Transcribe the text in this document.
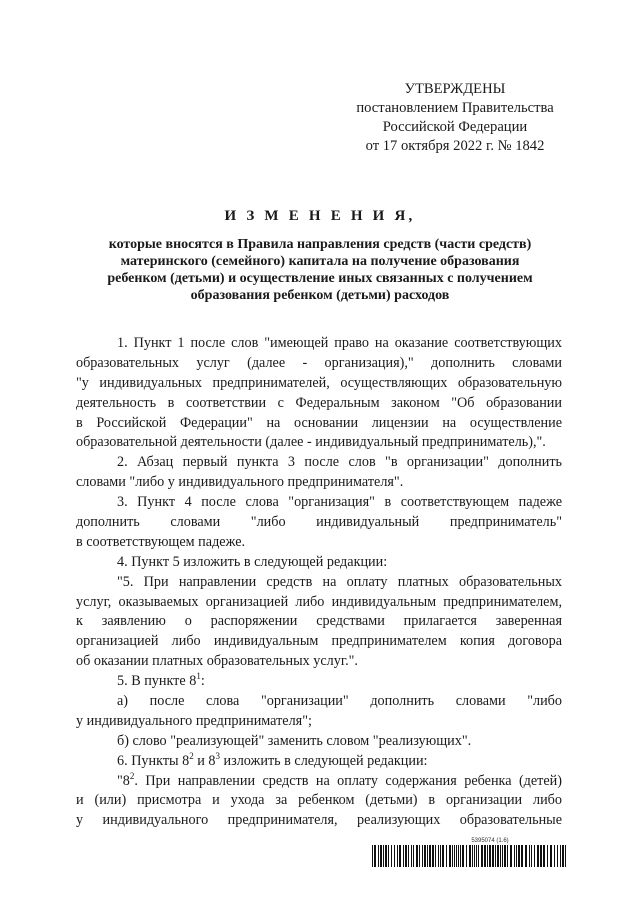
УТВЕРЖДЕНЫ
постановлением Правительства
Российской Федерации
от 17 октября 2022 г. № 1842
И З М Е Н Е Н И Я,
которые вносятся в Правила направления средств (части средств)
материнского (семейного) капитала на получение образования
ребенком (детьми) и осуществление иных связанных с получением
образования ребенком (детьми) расходов
1. Пункт 1 после слов "имеющей право на оказание соответствующих
образовательных услуг (далее - организация)," дополнить словами
"у индивидуальных предпринимателей, осуществляющих образовательную
деятельность в соответствии с Федеральным законом "Об образовании
в Российской Федерации" на основании лицензии на осуществление
образовательной деятельности (далее - индивидуальный предприниматель),".
2. Абзац первый пункта 3 после слов "в организации" дополнить
словами "либо у индивидуального предпринимателя".
3. Пункт 4 после слова "организация" в соответствующем падеже
дополнить словами "либо индивидуальный предприниматель"
в соответствующем падеже.
4. Пункт 5 изложить в следующей редакции:
"5. При направлении средств на оплату платных образовательных
услуг, оказываемых организацией либо индивидуальным предпринимателем,
к заявлению о распоряжении средствами прилагается заверенная
организацией либо индивидуальным предпринимателем копия договора
об оказании платных образовательных услуг.".
5. В пункте $8^1$:
а) после слова "организации" дополнить словами "либо
у индивидуального предпринимателя";
б) слово "реализующей" заменить словом "реализующих".
6. Пункты $8^2$ и $8^3$ изложить в следующей редакции:
"$8^2$. При направлении средств на оплату содержания ребенка (детей)
и (или) присмотра и ухода за ребенком (детьми) в организации либо
у индивидуального предпринимателя, реализующих образовательные
5395074 (1.6)
